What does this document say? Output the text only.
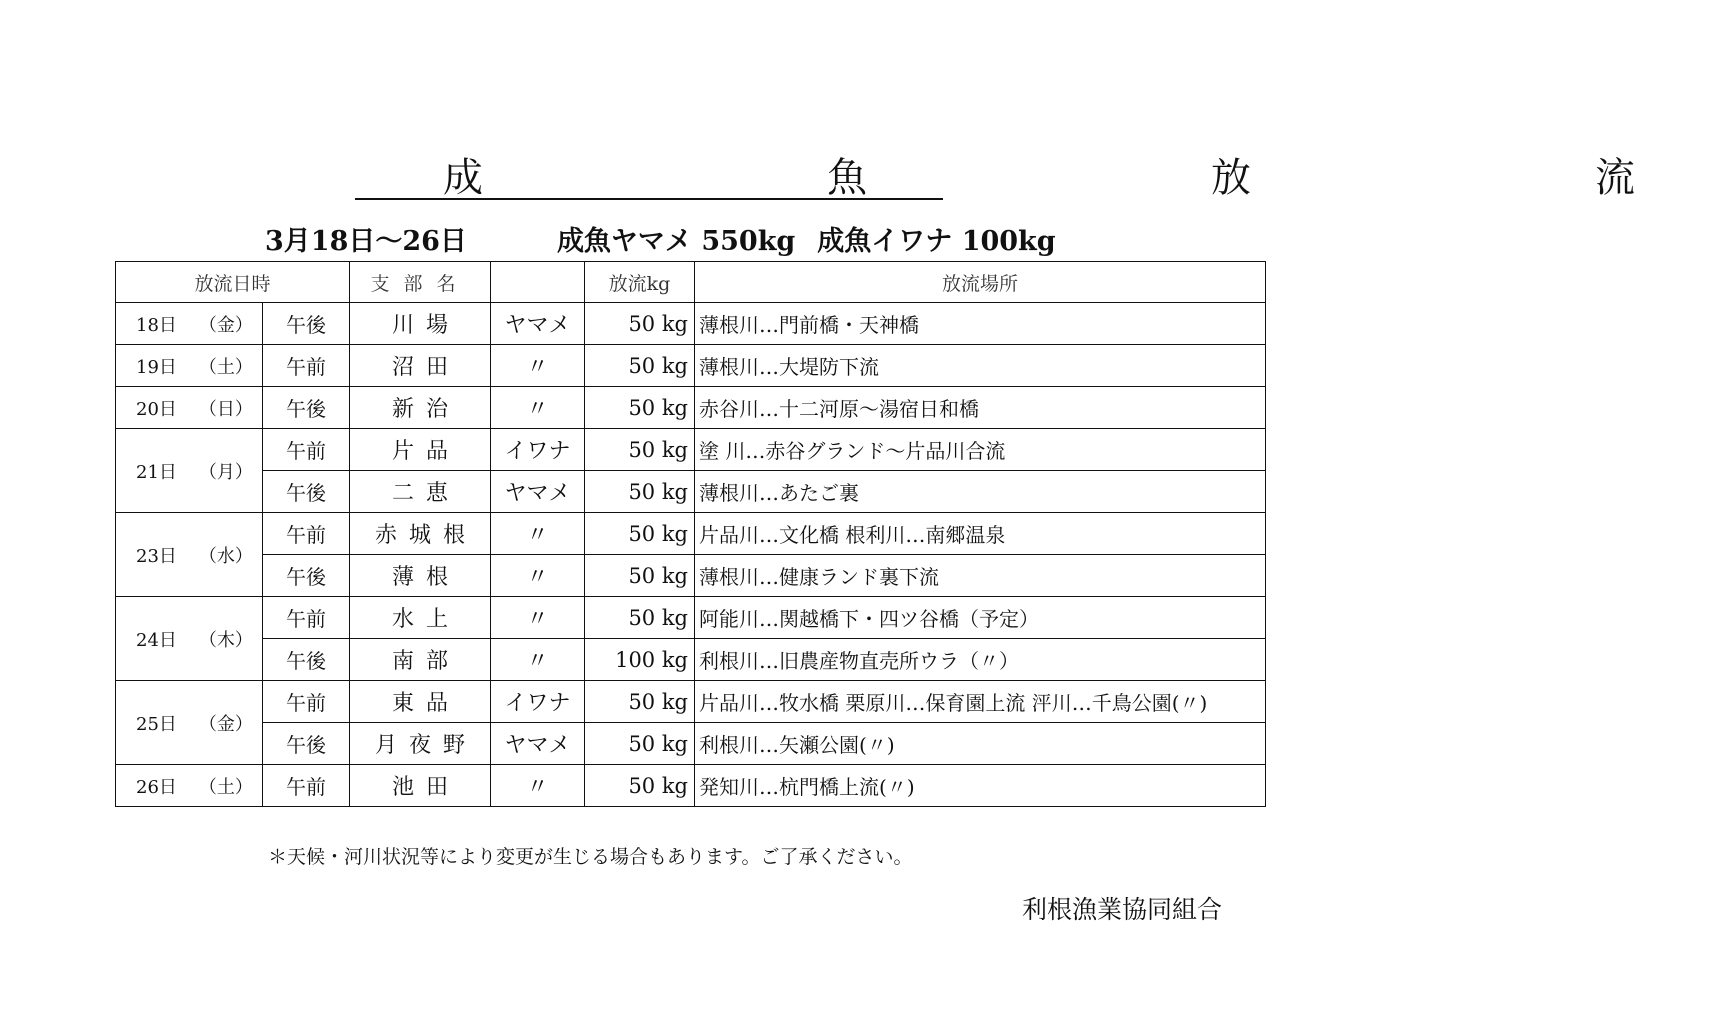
成　　魚　　放　　流
3月18日～26日	成魚ヤマメ 550kg 成魚イワナ 100kg
放流日時		支部名		放流kg	放流場所
18日 （金）	午後	川場	ヤマメ	50 kg	薄根川…門前橋・天神橋
19日 （土）	午前	沼田	〃	50 kg	薄根川…大堤防下流
20日 （日）	午後	新治	〃	50 kg	赤谷川…十二河原～湯宿日和橋
21日 （月）	午前	片品	イワナ	50 kg	塗 川…赤谷グランド～片品川合流
	午後	二恵	ヤマメ	50 kg	薄根川…あたご裏
23日 （水）	午前	赤城根	〃	50 kg	片品川…文化橋 根利川…南郷温泉
	午後	薄根	〃	50 kg	薄根川…健康ランド裏下流
24日 （木）	午前	水上	〃	50 kg	阿能川…関越橋下・四ツ谷橋（予定）
	午後	南部	〃	100 kg	利根川…旧農産物直売所ウラ（〃）
25日 （金）	午前	東品	イワナ	50 kg	片品川…牧水橋 栗原川…保育園上流 泙川…千鳥公園(〃)
	午後	月夜野	ヤマメ	50 kg	利根川…矢瀬公園(〃)
26日 （土）	午前	池田	〃	50 kg	発知川…杭門橋上流(〃)
＊天候・河川状況等により変更が生じる場合もあります。ご了承ください。
利根漁業協同組合
